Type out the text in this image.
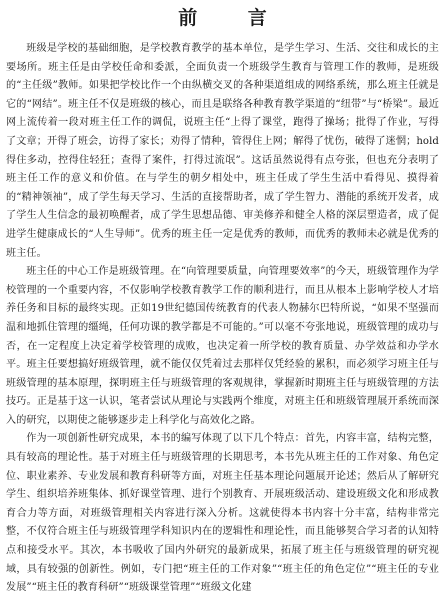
前 言

班级是学校的基础细胞，是学校教育教学的基本单位，是学生学习、生活、交往和成长的主要场所。班主任是由学校任命和委派，全面负责一个班级学生教育与管理工作的教师，是班级的“主任级”教师。如果把学校比作一个由纵横交叉的各种渠道组成的网络系统，那么班主任就是它的“网结”。班主任不仅是班级的核心，而且是联络各种教育教学渠道的“纽带”与“桥梁”。最近网上流传着一段对班主任工作的调侃，说班主任“上得了课堂，跑得了操场；批得了作业，写得了文章；开得了班会，访得了家长；劝得了情种，管得住上网；解得了忧伤，破得了迷惘；hold得住多动，控得住轻狂；查得了案件，打得过流氓”。这话虽然说得有点夸张，但也充分表明了班主任工作的意义和价值。在与学生的朝夕相处中，班主任成了学生生活中看得见、摸得着的“精神领袖”，成了学生每天学习、生活的直接帮助者，成了学生智力、潜能的系统开发者，成了学生人生信念的最初唤醒者，成了学生思想品德、审美修养和健全人格的深层塑造者，成了促进学生健康成长的“人生导师”。优秀的班主任一定是优秀的教师，而优秀的教师未必就是优秀的班主任。

班主任的中心工作是班级管理。在“向管理要质量，向管理要效率”的今天，班级管理作为学校管理的一个重要内容，不仅影响学校教育教学工作的顺利进行，而且从根本上影响学校人才培养任务和目标的最终实现。正如19世纪德国传统教育的代表人物赫尔巴特所说，“如果不坚强而温和地抓住管理的缰绳，任何功课的教学都是不可能的。”可以毫不夸张地说，班级管理的成功与否，在一定程度上决定着学校管理的成败，也决定着一所学校的教育质量、办学效益和办学水平。班主任要想搞好班级管理，就不能仅仅凭着过去那样仅凭经验的累积，而必须学习班主任与班级管理的基本原理，探明班主任与班级管理的客观规律，掌握新时期班主任与班级管理的方法技巧。正是基于这一认识，笔者尝试从理论与实践两个维度，对班主任和班级管理展开系统而深入的研究，以期使之能够逐步走上科学化与高效化之路。

作为一项创新性研究成果，本书的编写体现了以下几个特点：首先，内容丰富，结构完整，具有较高的理论性。基于对班主任与班级管理的长期思考，本书先从班主任的工作对象、角色定位、职业素养、专业发展和教育科研等方面，对班主任基本理论问题展开论述；然后从了解研究学生、组织培养班集体、抓好课堂管理、进行个别教育、开展班级活动、建设班级文化和形成教育合力等方面，对班级管理相关内容进行深入分析。这就使得本书内容十分丰富，结构非常完整，不仅符合班主任与班级管理学科知识内在的逻辑性和理论性，而且能够契合学习者的认知特点和接受水平。其次，本书吸收了国内外研究的最新成果，拓展了班主任与班级管理的研究视域，具有较强的创新性。例如，专门把“班主任的工作对象”“班主任的角色定位”“班主任的专业发展”“班主任的教育科研”“班级课堂管理”“班级文化建
